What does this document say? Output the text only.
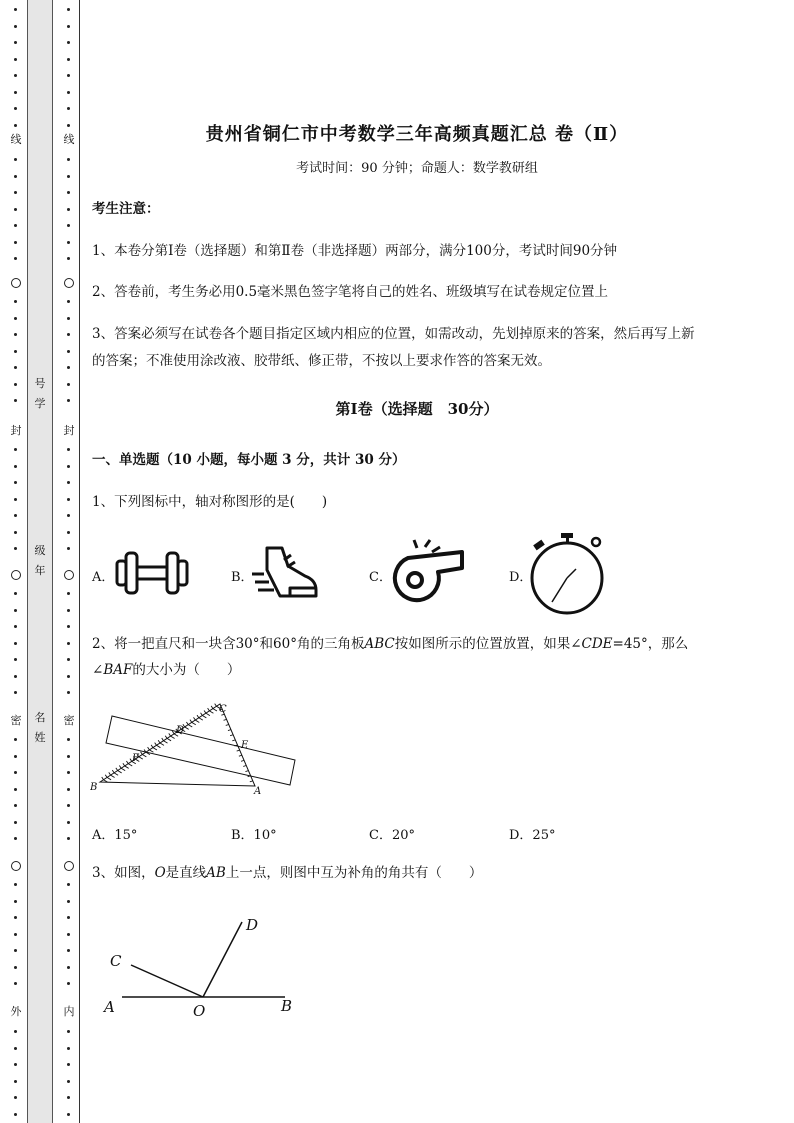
线
封
密
外
号
学
级
年
名
姓
线
封
密
内
贵州省铜仁市中考数学三年高频真题汇总 卷（Ⅱ）
考试时间：90 分钟；命题人：数学教研组
考生注意：
1、本卷分第Ⅰ卷（选择题）和第Ⅱ卷（非选择题）两部分，满分100分，考试时间90分钟
2、答卷前，考生务必用0.5毫米黑色签字笔将自己的姓名、班级填写在试卷规定位置上
3、答案必须写在试卷各个题目指定区域内相应的位置，如需改动，先划掉原来的答案，然后再写上新
的答案；不准使用涂改液、胶带纸、修正带，不按以上要求作答的答案无效。
第Ⅰ卷（选择题　30分）
一、单选题（10 小题，每小题 3 分，共计 30 分）
1、下列图标中，轴对称图形的是(　　)
A．	B．	C．	D．
2、将一把直尺和一块含30°和60°角的三角板ABC按如图所示的位置放置，如果∠CDE=45°，那么
∠BAF的大小为（　　）
C
D
E
F
B	A
A．15°	B．10°	C．20°	D．25°
3、如图，O是直线AB上一点，则图中互为补角的角共有（　　）
A	O	B
C
D
